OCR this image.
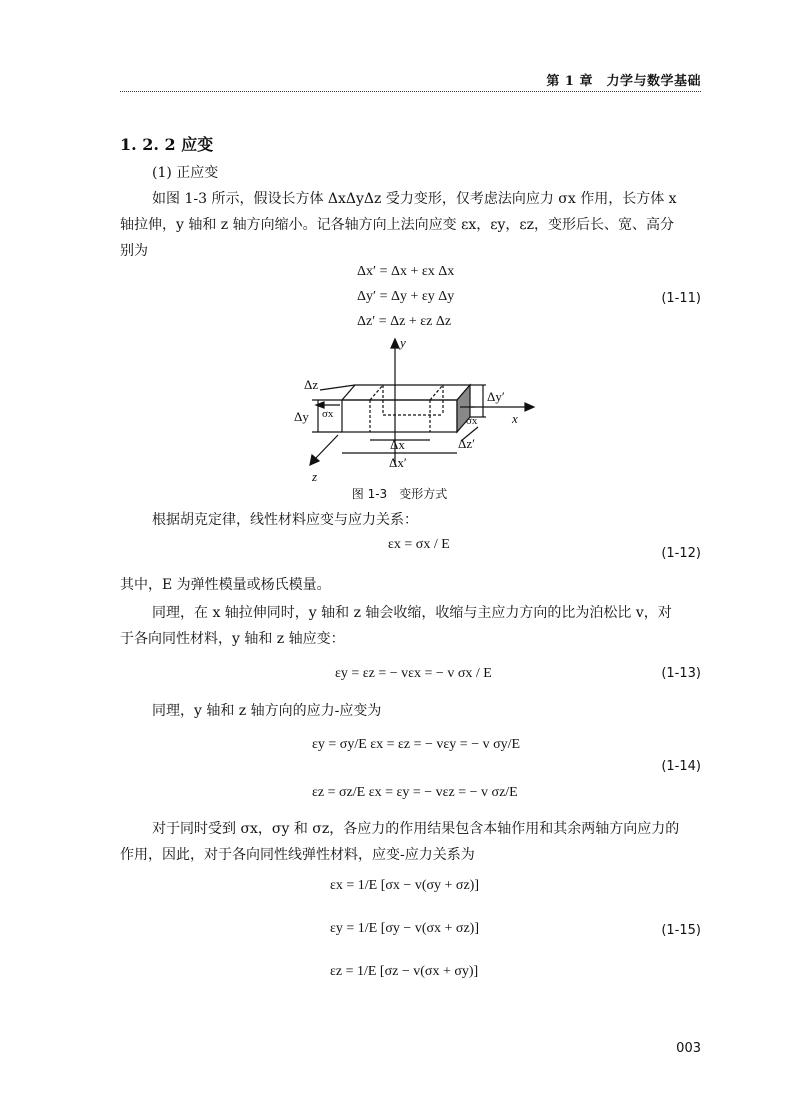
第 1 章　力学与数学基础
1. 2. 2 应变
(1) 正应变
如图 1-3 所示，假设长方体 ΔxΔyΔz 受力变形，仅考虑法向应力 σx 作用，长方体 x
轴拉伸，y 轴和 z 轴方向缩小。记各轴方向上法向应变 εx，εy，εz，变形后长、宽、高分
别为
Δx′ = Δx + εx Δx
Δy′ = Δy + εy Δy
Δz′ = Δz + εz Δz
(1-11)
y
x
z
Δz
Δy
Δy′
Δz′
Δx
Δx′
σx
σx
图 1-3　变形方式
根据胡克定律，线性材料应变与应力关系：
εx = σx / E
(1-12)
其中，E 为弹性模量或杨氏模量。
同理，在 x 轴拉伸同时，y 轴和 z 轴会收缩，收缩与主应力方向的比为泊松比 v，对
于各向同性材料，y 轴和 z 轴应变：
εy = εz = − vεx = − v σx / E	(1-13)
同理，y 轴和 z 轴方向的应力-应变为
εy = σy/E εx = εz = − vεy = − v σy/E
εz = σz/E εx = εy = − vεz = − v σz/E
(1-14)
对于同时受到 σx，σy 和 σz，各应力的作用结果包含本轴作用和其余两轴方向应力的
作用，因此，对于各向同性线弹性材料，应变-应力关系为
εx = 1/E [σx − v(σy + σz)]
εy = 1/E [σy − v(σx + σz)]
εz = 1/E [σz − v(σx + σy)]
(1-15)
003
